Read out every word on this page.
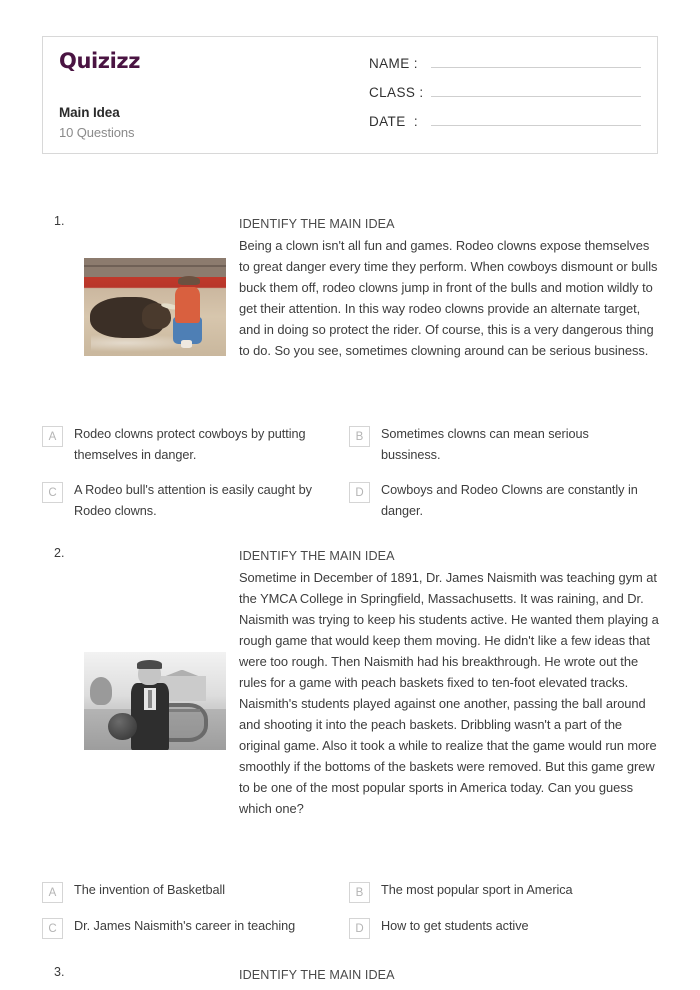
Quizizz
Main Idea
10 Questions
NAME :
CLASS :
DATE  :
1.	IDENTIFY THE MAIN IDEA
Being a clown isn't all fun and games. Rodeo clowns expose themselves to great danger every time they perform. When cowboys dismount or bulls buck them off, rodeo clowns jump in front of the bulls and motion wildly to get their attention. In this way rodeo clowns provide an alternate target, and in doing so protect the rider. Of course, this is a very dangerous thing to do. So you see, sometimes clowning around can be serious business.
A	Rodeo clowns protect cowboys by putting themselves in danger.
B	Sometimes clowns can mean serious bussiness.
C	A Rodeo bull's attention is easily caught by Rodeo clowns.
D	Cowboys and Rodeo Clowns are constantly in danger.
2.	IDENTIFY THE MAIN IDEA
Sometime in December of 1891, Dr. James Naismith was teaching gym at the YMCA College in Springfield, Massachusetts. It was raining, and Dr. Naismith was trying to keep his students active. He wanted them playing a rough game that would keep them moving. He didn't like a few ideas that were too rough. Then Naismith had his breakthrough. He wrote out the rules for a game with peach baskets fixed to ten-foot elevated tracks. Naismith's students played against one another, passing the ball around and shooting it into the peach baskets. Dribbling wasn't a part of the original game. Also it took a while to realize that the game would run more smoothly if the bottoms of the baskets were removed. But this game grew to be one of the most popular sports in America today. Can you guess which one?
A	The invention of Basketball	B	The most popular sport in America
C	Dr. James Naismith's career in teaching	D	How to get students active
3.	IDENTIFY THE MAIN IDEA
